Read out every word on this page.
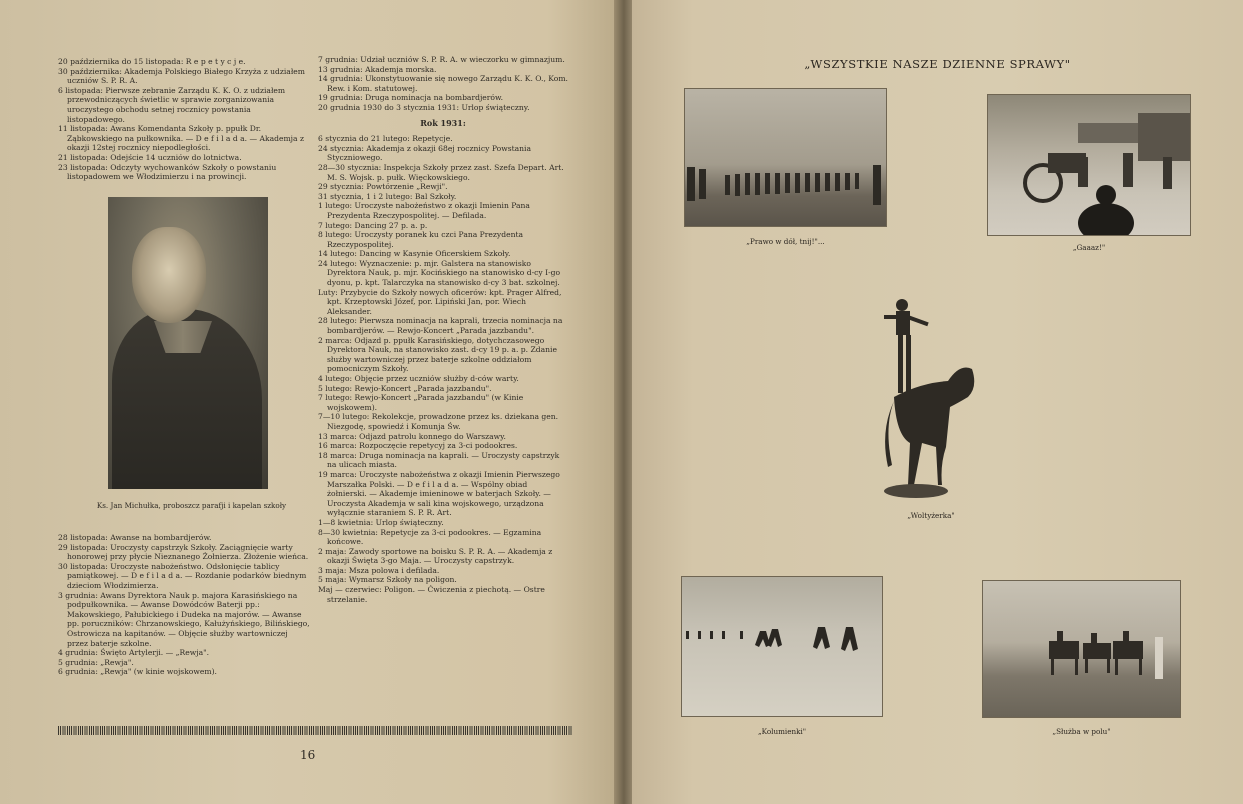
20 października do 15 listopada: R e p e t y c j e.

30 października: Akademja Polskiego Białego Krzyża z udziałem uczniów S. P. R. A.

6 listopada: Pierwsze zebranie Zarządu K. K. O. z udziałem przewodniczących świetlic w sprawie zorganizowania uroczystego obchodu setnej rocznicy powstania listopadowego.

11 listopada: Awans Komendanta Szkoły p. ppułk Dr. Ząbkowskiego na pułkownika. — D e f i l a d a. — Akademja z okazji 12stej rocznicy niepodległości.

21 listopada: Odejście 14 uczniów do lotnictwa.

23 listopada: Odczyty wychowanków Szkoły o powstaniu listopadowem we Włodzimierzu i na prowincji.

Ks. Jan Michułka, proboszcz parafji i kapelan szkoły

28 listopada: Awanse na bombardjerów.

29 listopada: Uroczysty capstrzyk Szkoły. Zaciągnięcie warty honorowej przy płycie Nieznanego Żołnierza. Złożenie wieńca.

30 listopada: Uroczyste nabożeństwo. Odsłonięcie tablicy pamiątkowej. — D e f i l a d a. — Rozdanie podarków biednym dzieciom Włodzimierza.

3 grudnia: Awans Dyrektora Nauk p. majora Karasińskiego na podpułkownika. — Awanse Dowódców Baterji pp.: Makowskiego, Pałubickiego i Dudeka na majorów. — Awanse pp. poruczników: Chrzanowskiego, Kałużyńskiego, Bilińskiego, Ostrowicza na kapitanów. — Objęcie służby wartowniczej przez baterje szkolne.

4 grudnia: Święto Artylerji. — „Rewja".

5 grudnia: „Rewja".

6 grudnia: „Rewja" (w kinie wojskowem).

7 grudnia: Udział uczniów S. P. R. A. w wieczorku w gimnazjum.

13 grudnia: Akademja morska.

14 grudnia: Ukonstytuowanie się nowego Zarządu K. K. O., Kom. Rew. i Kom. statutowej.

19 grudnia: Druga nominacja na bombardjerów.

20 grudnia 1930 do 3 stycznia 1931: Urlop świąteczny.

Rok 1931:

6 stycznia do 21 lutego: Repetycje.

24 stycznia: Akademja z okazji 68ej rocznicy Powstania Styczniowego.

28—30 stycznia: Inspekcja Szkoły przez zast. Szefa Depart. Art. M. S. Wojsk. p. pułk. Więckowskiego.

29 stycznia: Powtórzenie „Rewji".

31 stycznia, 1 i 2 lutego: Bal Szkoły.

1 lutego: Uroczyste nabożeństwo z okazji Imienin Pana Prezydenta Rzeczypospolitej. — Defilada.

7 lutego: Dancing 27 p. a. p.

8 lutego: Uroczysty poranek ku czci Pana Prezydenta Rzeczypospolitej.

14 lutego: Dancing w Kasynie Oficerskiem Szkoły.

24 lutego: Wyznaczenie: p. mjr. Galstera na stanowisko Dyrektora Nauk, p. mjr. Kocińskiego na stanowisko d-cy I-go dyonu, p. kpt. Talarczyka na stanowisko d-cy 3 bat. szkolnej.

Luty: Przybycie do Szkoły nowych oficerów: kpt. Prager Alfred, kpt. Krzeptowski Józef, por. Lipiński Jan, por. Wiech Aleksander.

28 lutego: Pierwsza nominacja na kaprali, trzecia nominacja na bombardjerów. — Rewjo-Koncert „Parada jazzbandu".

2 marca: Odjazd p. ppułk Karasińskiego, dotychczasowego Dyrektora Nauk, na stanowisko zast. d-cy 19 p. a. p. Zdanie służby wartowniczej przez baterje szkolne oddziałom pomocniczym Szkoły.

4 lutego: Objęcie przez uczniów służby d-ców warty.

5 lutego: Rewjo-Koncert „Parada jazzbandu".

7 lutego: Rewjo-Koncert „Parada jazzbandu" (w Kinie wojskowem).

7—10 lutego: Rekolekcje, prowadzone przez ks. dziekana gen. Niezgodę, spowiedź i Komunja Św.

13 marca: Odjazd patrolu konnego do Warszawy.

16 marca: Rozpoczęcie repetycyj za 3-ci podookres.

18 marca: Druga nominacja na kaprali. — Uroczysty capstrzyk na ulicach miasta.

19 marca: Uroczyste nabożeństwa z okazji Imienin Pierwszego Marszałka Polski. — D e f i l a d a. — Wspólny obiad żołnierski. — Akademje imieninowe w baterjach Szkoły. — Uroczysta Akademja w sali kina wojskowego, urządzona wyłącznie staraniem S. P. R. Art.

1—8 kwietnia: Urlop świąteczny.

8—30 kwietnia: Repetycje za 3-ci podookres. — Egzamina końcowe.

2 maja: Zawody sportowe na boisku S. P. R. A. — Akademja z okazji Święta 3-go Maja. — Uroczysty capstrzyk.

3 maja: Msza polowa i defilada.

5 maja: Wymarsz Szkoły na poligon.

Maj — czerwiec: Poligon. — Ćwiczenia z piechotą. — Ostre strzelanie.

16
„WSZYSTKIE NASZE DZIENNE SPRAWY"
„Prawo w dół, tnij!"...
„Gaaaz!"
„Woltyżerka"
„Kolumienki"	„Służba w polu"
